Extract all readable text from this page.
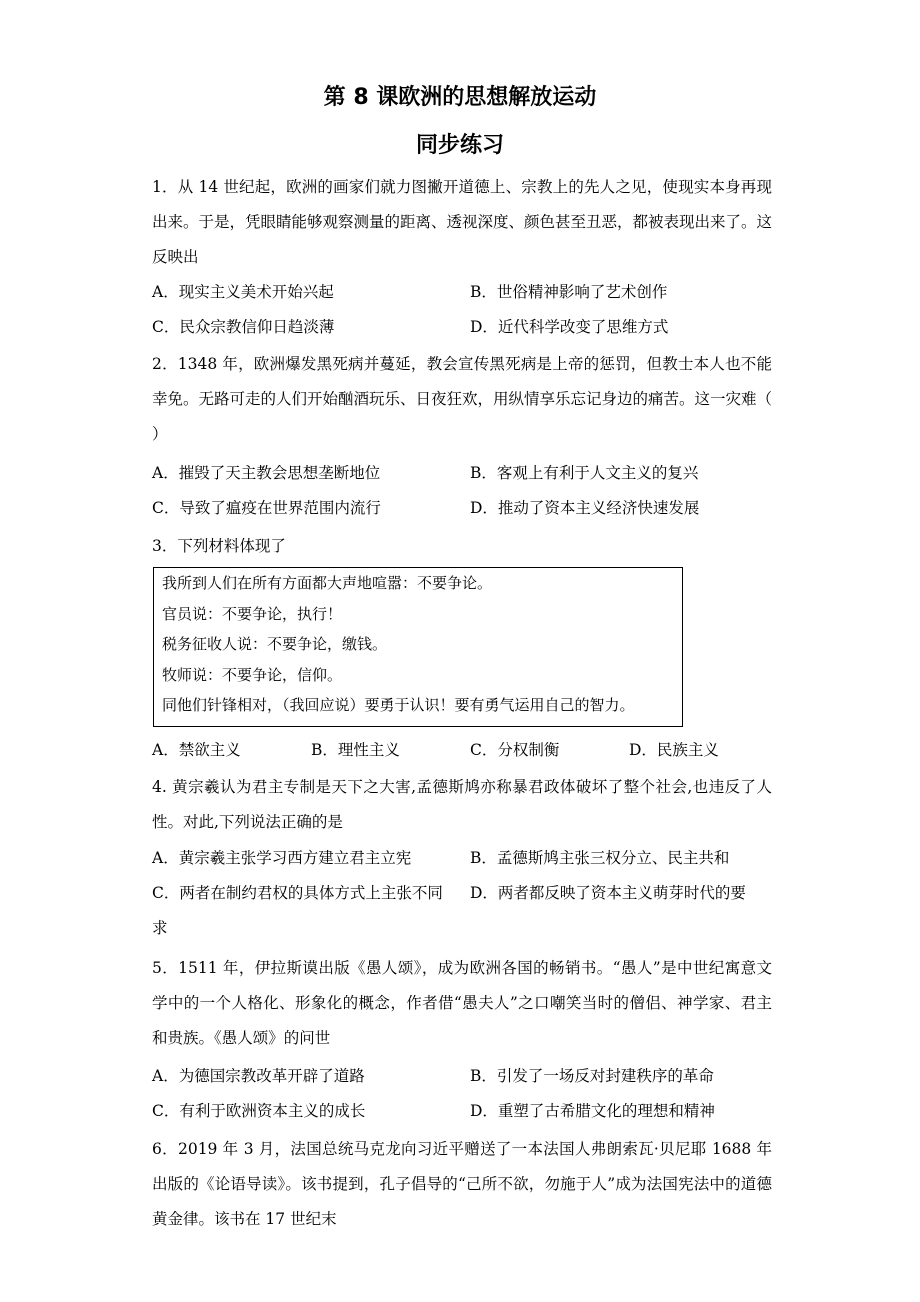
第 8 课欧洲的思想解放运动
同步练习
1．从 14 世纪起，欧洲的画家们就力图撇开道德上、宗教上的先人之见，使现实本身再现出来。于是，凭眼睛能够观察测量的距离、透视深度、颜色甚至丑恶，都被表现出来了。这反映出
A．现实主义美术开始兴起	B．世俗精神影响了艺术创作
C．民众宗教信仰日趋淡薄	D．近代科学改变了思维方式
2．1348 年，欧洲爆发黑死病并蔓延，教会宣传黑死病是上帝的惩罚，但教士本人也不能幸免。无路可走的人们开始酗酒玩乐、日夜狂欢，用纵情享乐忘记身边的痛苦。这一灾难（ ）
A．摧毁了天主教会思想垄断地位	B．客观上有利于人文主义的复兴
C．导致了瘟疫在世界范围内流行	D．推动了资本主义经济快速发展
3．下列材料体现了
我所到人们在所有方面都大声地喧嚣：不要争论。
官员说：不要争论，执行！
税务征收人说：不要争论，缴钱。
牧师说：不要争论，信仰。
同他们针锋相对，（我回应说）要勇于认识！要有勇气运用自己的智力。
A．禁欲主义	B．理性主义	C．分权制衡	D．民族主义
4. 黄宗羲认为君主专制是天下之大害,孟德斯鸠亦称暴君政体破坏了整个社会,也违反了人性。对此,下列说法正确的是
A．黄宗羲主张学习西方建立君主立宪	B．孟德斯鸠主张三权分立、民主共和
C．两者在制约君权的具体方式上主张不同	D．两者都反映了资本主义萌芽时代的要
求
5．1511 年，伊拉斯谟出版《愚人颂》，成为欧洲各国的畅销书。“愚人”是中世纪寓意文学中的一个人格化、形象化的概念，作者借“愚夫人”之口嘲笑当时的僧侣、神学家、君主和贵族。《愚人颂》的问世
A．为德国宗教改革开辟了道路	B．引发了一场反对封建秩序的革命
C．有利于欧洲资本主义的成长	D．重塑了古希腊文化的理想和精神
6．2019 年 3 月，法国总统马克龙向习近平赠送了一本法国人弗朗索瓦·贝尼耶 1688 年出版的《论语导读》。该书提到，孔子倡导的“己所不欲，勿施于人”成为法国宪法中的道德黄金律。该书在 17 世纪末
